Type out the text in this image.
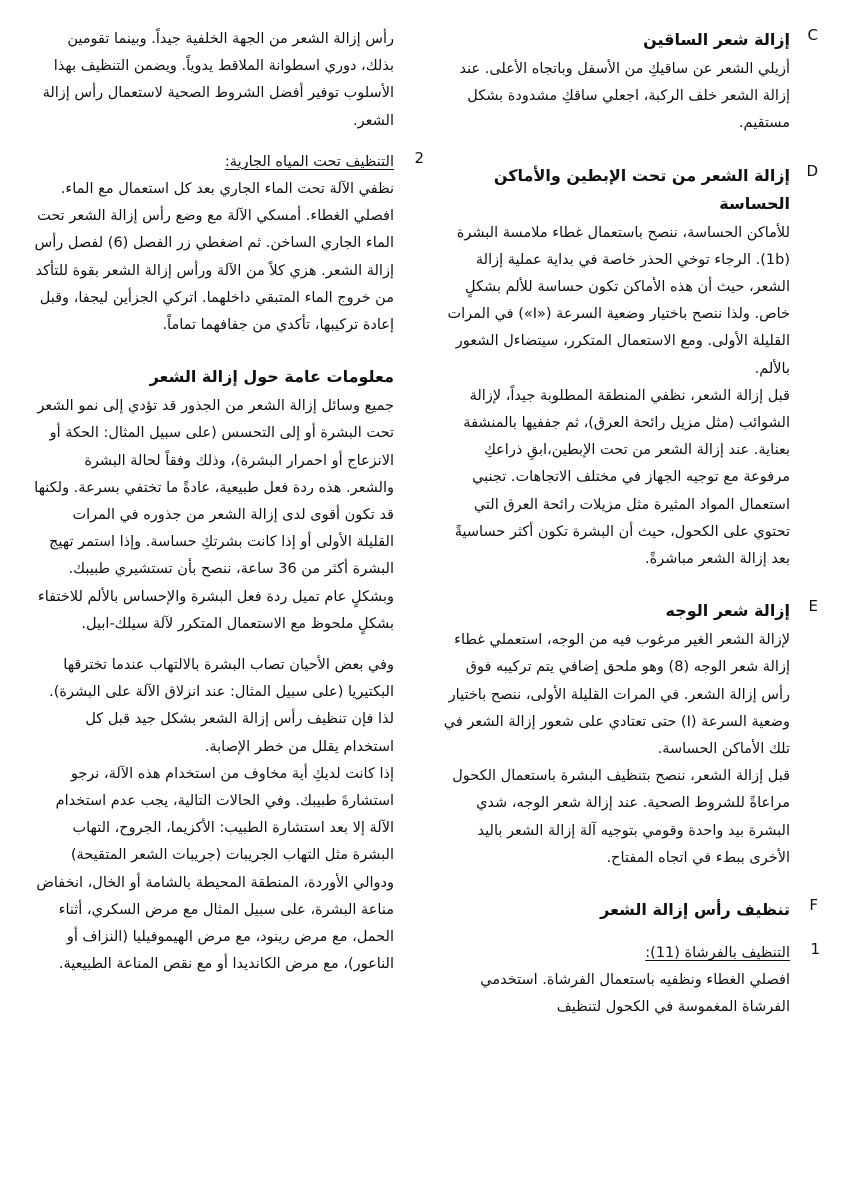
C
إزالة شعر الساقين

أزيلي الشعر عن ساقيكِ من الأسفل وباتجاه الأعلى. عند إزالة الشعر خلف الركبة، اجعلي ساقكِ مشدودة بشكل مستقيم.

D
إزالة الشعر من تحت الإبطين والأماكن الحساسة

للأماكن الحساسة، ننصح باستعمال غطاء ملامسة البشرة (1b). الرجاء توخي الحذر خاصة في بداية عملية إزالة الشعر، حيث أن هذه الأماكن تكون حساسة للألم بشكلٍ خاص. ولذا ننصح باختيار وضعية السرعة («I») في المرات القليلة الأولى. ومع الاستعمال المتكرر، سيتضاءل الشعور بالألم.

قبل إزالة الشعر، نظفي المنطقة المطلوبة جيداً، لإزالة الشوائب (مثل مزيل رائحة العرق)، ثم جففيها بالمنشفة بعناية. عند إزالة الشعر من تحت الإبطين،ابقِ ذراعكِ مرفوعة مع توجيه الجهاز في مختلف الاتجاهات. تجنبي استعمال المواد المثيرة مثل مزيلات رائحة العرق التي تحتوي على الكحول، حيث أن البشرة تكون أكثر حساسيةً بعد إزالة الشعر مباشرةً.

E
إزالة شعر الوجه

لإزالة الشعر الغير مرغوب فيه من الوجه، استعملي غطاء إزالة شعر الوجه (8) وهو ملحق إضافي يتم تركيبه فوق رأس إزالة الشعر. في المرات القليلة الأولى، ننصح باختيار وضعية السرعة (I) حتى تعتادي على شعور إزالة الشعر في تلك الأماكن الحساسة.

قبل إزالة الشعر، ننصح بتنظيف البشرة باستعمال الكحول مراعاةً للشروط الصحية. عند إزالة شعر الوجه، شدي البشرة بيد واحدة وقومي بتوجيه آلة إزالة الشعر باليد الأخرى ببطء في اتجاه المفتاح.

F
تنظيف رأس إزالة الشعر
1

التنظيف بالفرشاة (11):

افصلي الغطاء ونظفيه باستعمال الفرشاة. استخدمي الفرشاة المغموسة في الكحول لتنظيف

رأس إزالة الشعر من الجهة الخلفية جيداً. وبينما تقومين بذلك، دوري اسطوانة الملاقط يدوياً. ويضمن التنظيف بهذا الأسلوب توفير أفضل الشروط الصحية لاستعمال رأس إزالة الشعر.

2

التنظيف تحت المياه الجارية:

نظفي الآلة تحت الماء الجاري بعد كل استعمال مع الماء. افصلي الغطاء. أمسكي الآلة مع وضع رأس إزالة الشعر تحت الماء الجاري الساخن. ثم اضغطي زر الفصل (6) لفصل رأس إزالة الشعر. هزي كلاً من الآلة ورأس إزالة الشعر بقوة للتأكد من خروج الماء المتبقي داخلهما. اتركي الجزأين ليجفا، وقبل إعادة تركيبها، تأكدي من جفافهما تماماً.

معلومات عامة حول إزالة الشعر

جميع وسائل إزالة الشعر من الجذور قد تؤدي إلى نمو الشعر تحت البشرة أو إلى التحسس (على سبيل المثال: الحكة أو الانزعاج أو احمرار البشرة)، وذلك وفقاً لحالة البشرة والشعر. هذه ردة فعل طبيعية، عادةً ما تختفي بسرعة. ولكنها قد تكون أقوى لدى إزالة الشعر من جذوره في المرات القليلة الأولى أو إذا كانت بشرتكِ حساسة. وإذا استمر تهيج البشرة أكثر من 36 ساعة، ننصح بأن تستشيري طبيبك. وبشكلٍ عام تميل ردة فعل البشرة والإحساس بالألم للاختفاء بشكلٍ ملحوظ مع الاستعمال المتكرر لآلة سيلك-ابيل.

وفي بعض الأحيان تصاب البشرة بالالتهاب عندما تخترقها البكتيريا (على سبيل المثال: عند انزلاق الآلة على البشرة). لذا فإن تنظيف رأس إزالة الشعر بشكل جيد قبل كل استخدام يقلل من خطر الإصابة.

إذا كانت لديكِ أية مخاوف من استخدام هذه الآلة، نرجو استشارةَ طبيبك. وفي الحالات التالية، يجب عدم استخدام الآلة إلا بعد استشارة الطبيب: الأكزيما، الجروح، التهاب البشرة مثل التهاب الجريبات (جريبات الشعر المتقيحة) ودوالي الأوردة، المنطقة المحيطة بالشامة أو الخال، انخفاض مناعة البشرة، على سبيل المثال مع مرض السكري، أثناء الحمل، مع مرض رينود، مع مرض الهيموفيليا (النزاف أو الناعور)، مع مرض الكانديدا أو مع نقص المناعة الطبيعية.
